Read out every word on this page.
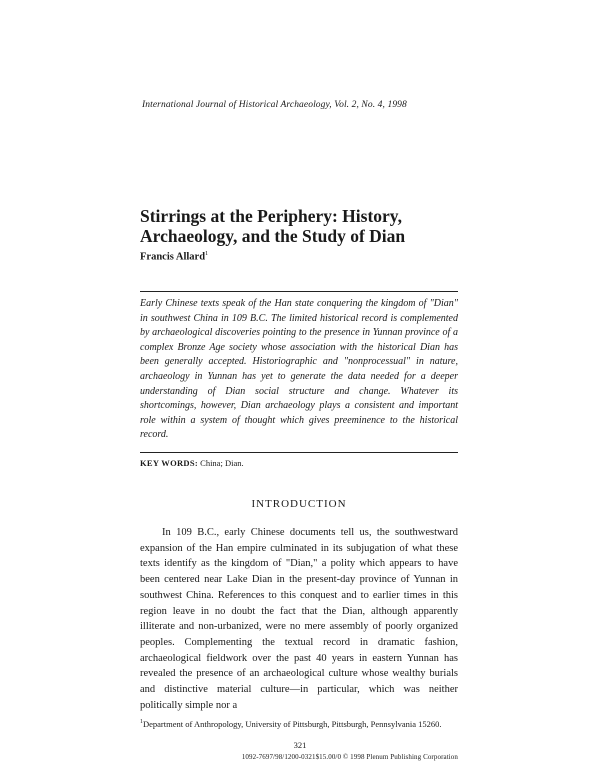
International Journal of Historical Archaeology, Vol. 2, No. 4, 1998
Stirrings at the Periphery: History, Archaeology, and the Study of Dian
Francis Allard$^1$

Early Chinese texts speak of the Han state conquering the kingdom of "Dian" in southwest China in 109 B.C. The limited historical record is complemented by archaeological discoveries pointing to the presence in Yunnan province of a complex Bronze Age society whose association with the historical Dian has been generally accepted. Historiographic and "nonprocessual" in nature, archaeology in Yunnan has yet to generate the data needed for a deeper understanding of Dian social structure and change. Whatever its shortcomings, however, Dian archaeology plays a consistent and important role within a system of thought which gives preeminence to the historical record.

KEY WORDS: China; Dian.
INTRODUCTION

In 109 B.C., early Chinese documents tell us, the southwestward expansion of the Han empire culminated in its subjugation of what these texts identify as the kingdom of "Dian," a polity which appears to have been centered near Lake Dian in the present-day province of Yunnan in southwest China. References to this conquest and to earlier times in this region leave in no doubt the fact that the Dian, although apparently illiterate and non-urbanized, were no mere assembly of poorly organized peoples. Complementing the textual record in dramatic fashion, archaeological fieldwork over the past 40 years in eastern Yunnan has revealed the presence of an archaeological culture whose wealthy burials and distinctive material culture—in particular, which was neither politically simple nor a

$^1$Department of Anthropology, University of Pittsburgh, Pittsburgh, Pennsylvania 15260.
321
1092-7697/98/1200-0321$15.00/0 © 1998 Plenum Publishing Corporation
